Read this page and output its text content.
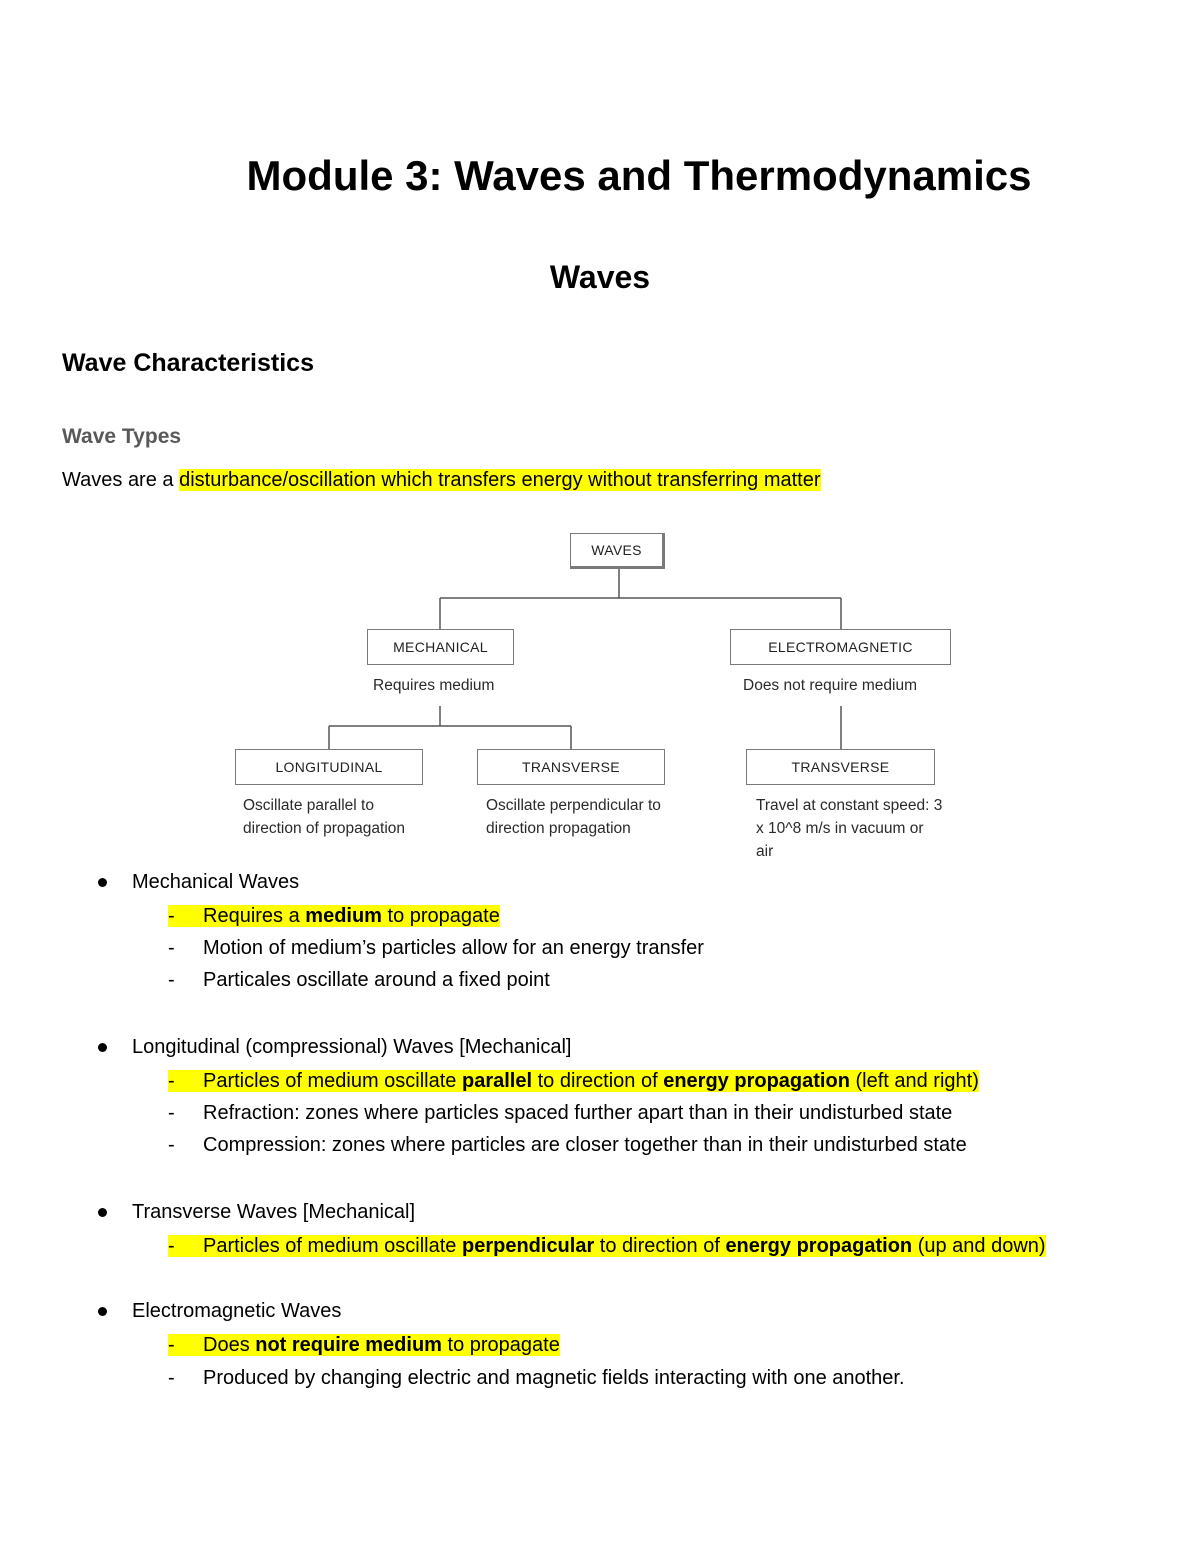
Module 3: Waves and Thermodynamics
Waves
Wave Characteristics
Wave Types
Waves are a disturbance/oscillation which transfers energy without transferring matter
WAVES
MECHANICAL
Requires medium
ELECTROMAGNETIC
Does not require medium
LONGITUDINAL
Oscillate parallel to
direction of propagation
TRANSVERSE
Oscillate perpendicular to
direction propagation
TRANSVERSE
Travel at constant speed: 3
x 10^8 m/s in vacuum or
air
Mechanical Waves
- Requires a medium to propagate
- Motion of medium’s particles allow for an energy transfer
- Particales oscillate around a fixed point
Longitudinal (compressional) Waves [Mechanical]
- Particles of medium oscillate parallel to direction of energy propagation (left and right)
- Refraction: zones where particles spaced further apart than in their undisturbed state
- Compression: zones where particles are closer together than in their undisturbed state
Transverse Waves [Mechanical]
- Particles of medium oscillate perpendicular to direction of energy propagation (up and down)
Electromagnetic Waves
- Does not require medium to propagate
- Produced by changing electric and magnetic fields interacting with one another.
